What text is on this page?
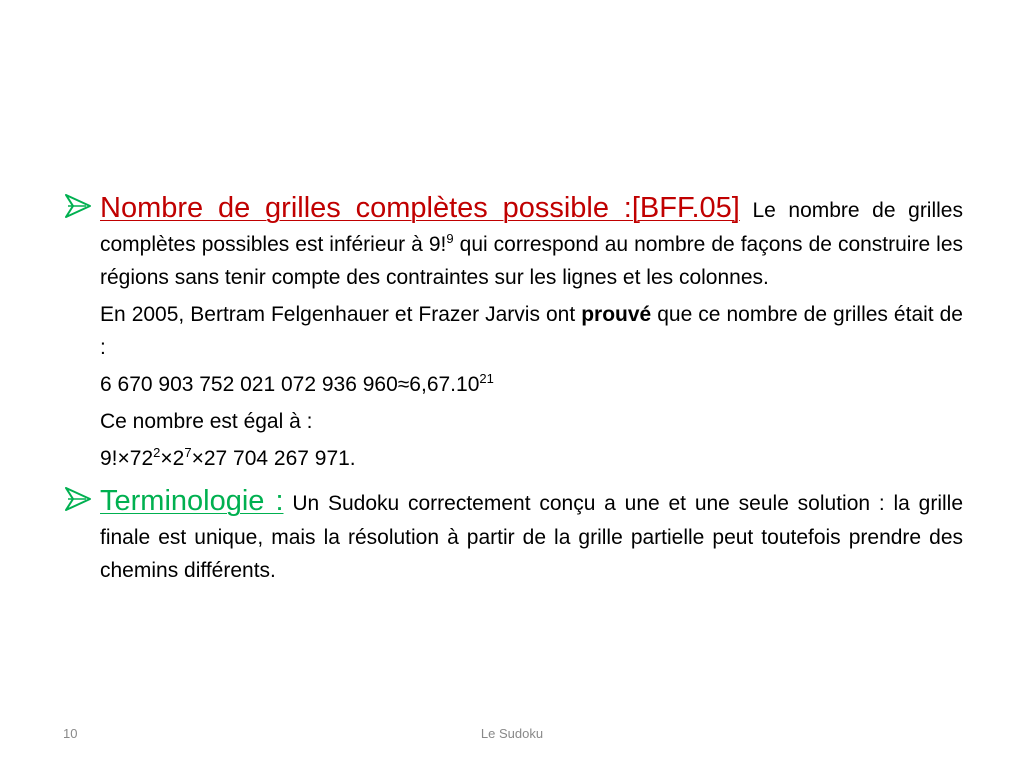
Nombre de grilles complètes possible :[BFF.05] Le nombre de grilles complètes possibles est inférieur à 9!$^9$ qui correspond au nombre de façons de construire les régions sans tenir compte des contraintes sur les lignes et les colonnes.

En 2005, Bertram Felgenhauer et Frazer Jarvis ont prouvé que ce nombre de grilles était de :

6 670 903 752 021 072 936 $960\approx 6,67.10^{21}$

Ce nombre est égal à :

$9!\times 72^2\times 2^7\times 27$ 704 267 971.

Terminologie : Un Sudoku correctement conçu a une et une seule solution : la grille finale est unique, mais la résolution à partir de la grille partielle peut toutefois prendre des chemins différents.

10	Le Sudoku
